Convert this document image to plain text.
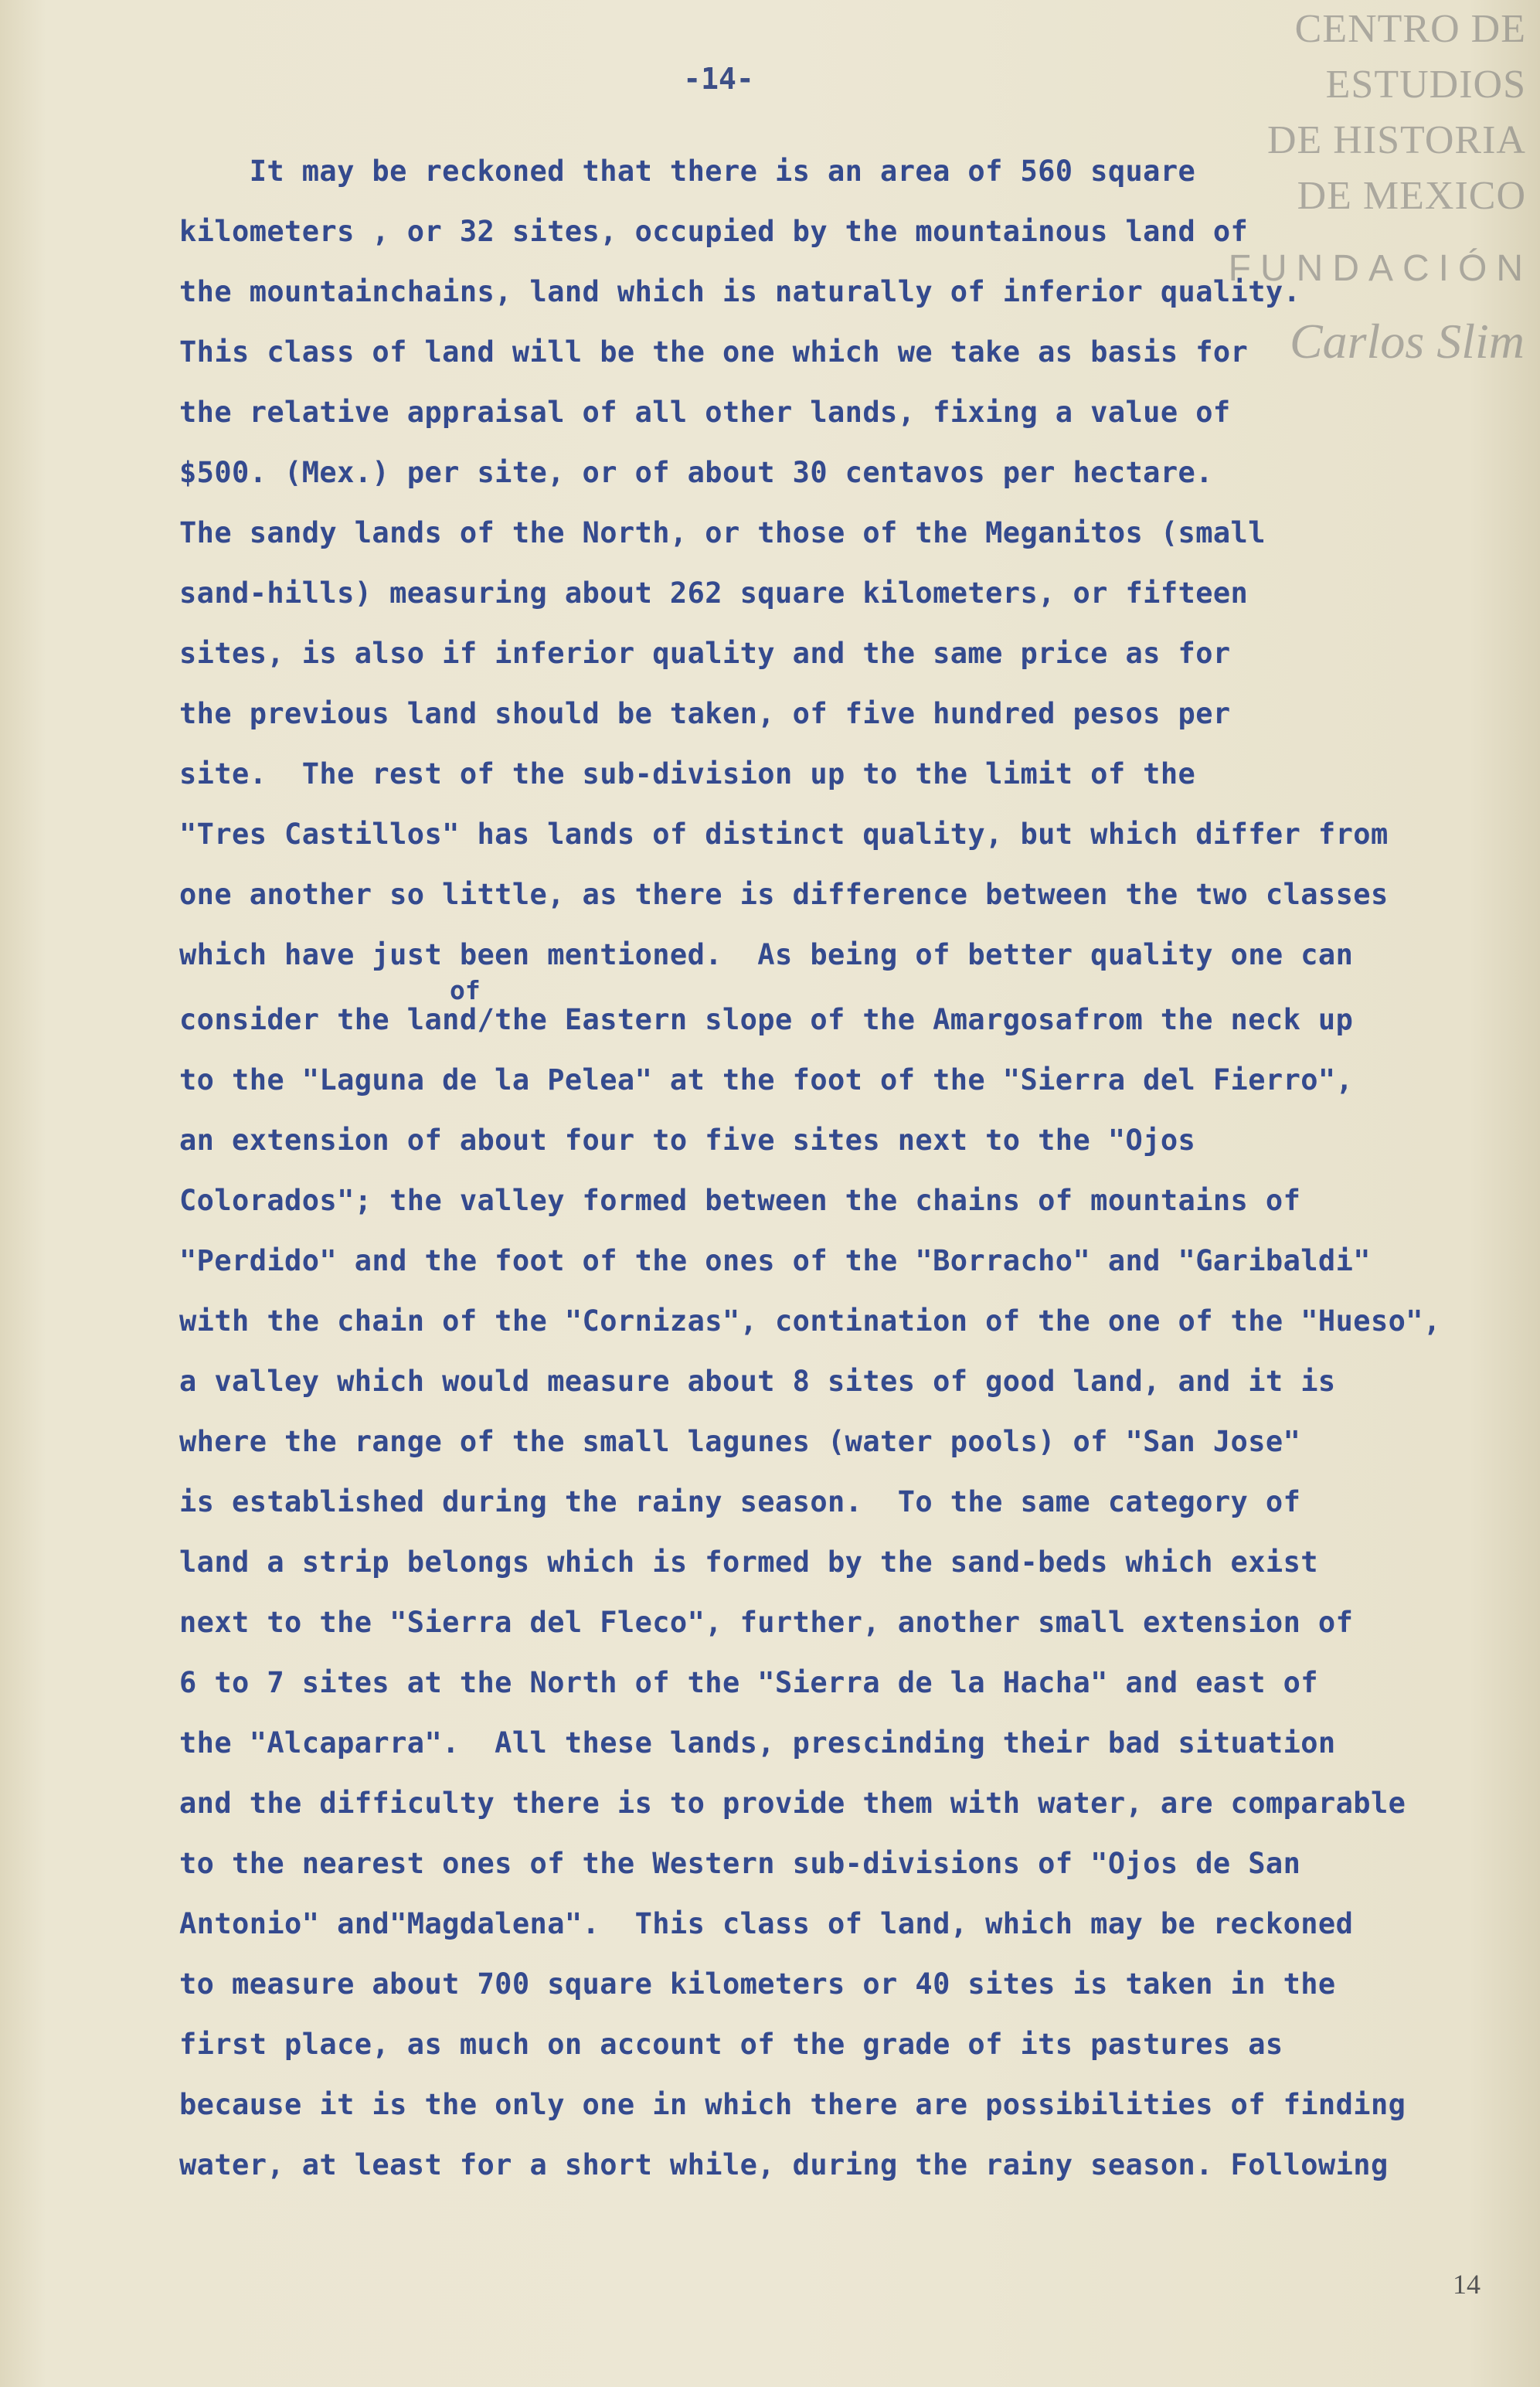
CENTRO DE
ESTUDIOS
DE HISTORIA
DE MEXICO
FUNDACIÓN
Carlos Slim
-14-
of
It may be reckoned that there is an area of 560 square
kilometers , or 32 sites, occupied by the mountainous land of
the mountainchains, land which is naturally of inferior quality.
This class of land will be the one which we take as basis for
the relative appraisal of all other lands, fixing a value of
$500. (Mex.) per site, or of about 30 centavos per hectare.
The sandy lands of the North, or those of the Meganitos (small
sand-hills) measuring about 262 square kilometers, or fifteen
sites, is also if inferior quality and the same price as for
the previous land should be taken, of five hundred pesos per
site.  The rest of the sub-division up to the limit of the
"Tres Castillos" has lands of distinct quality, but which differ from
one another so little, as there is difference between the two classes
which have just been mentioned.  As being of better quality one can
consider the land/the Eastern slope of the Amargosafrom the neck up
to the "Laguna de la Pelea" at the foot of the "Sierra del Fierro",
an extension of about four to five sites next to the "Ojos
Colorados"; the valley formed between the chains of mountains of
"Perdido" and the foot of the ones of the "Borracho" and "Garibaldi"
with the chain of the "Cornizas", contination of the one of the "Hueso",
a valley which would measure about 8 sites of good land, and it is
where the range of the small lagunes (water pools) of "San Jose"
is established during the rainy season.  To the same category of
land a strip belongs which is formed by the sand-beds which exist
next to the "Sierra del Fleco", further, another small extension of
6 to 7 sites at the North of the "Sierra de la Hacha" and east of
the "Alcaparra".  All these lands, prescinding their bad situation
and the difficulty there is to provide them with water, are comparable
to the nearest ones of the Western sub-divisions of "Ojos de San
Antonio" and"Magdalena".  This class of land, which may be reckoned
to measure about 700 square kilometers or 40 sites is taken in the
first place, as much on account of the grade of its pastures as
because it is the only one in which there are possibilities of finding
water, at least for a short while, during the rainy season. Following
14
